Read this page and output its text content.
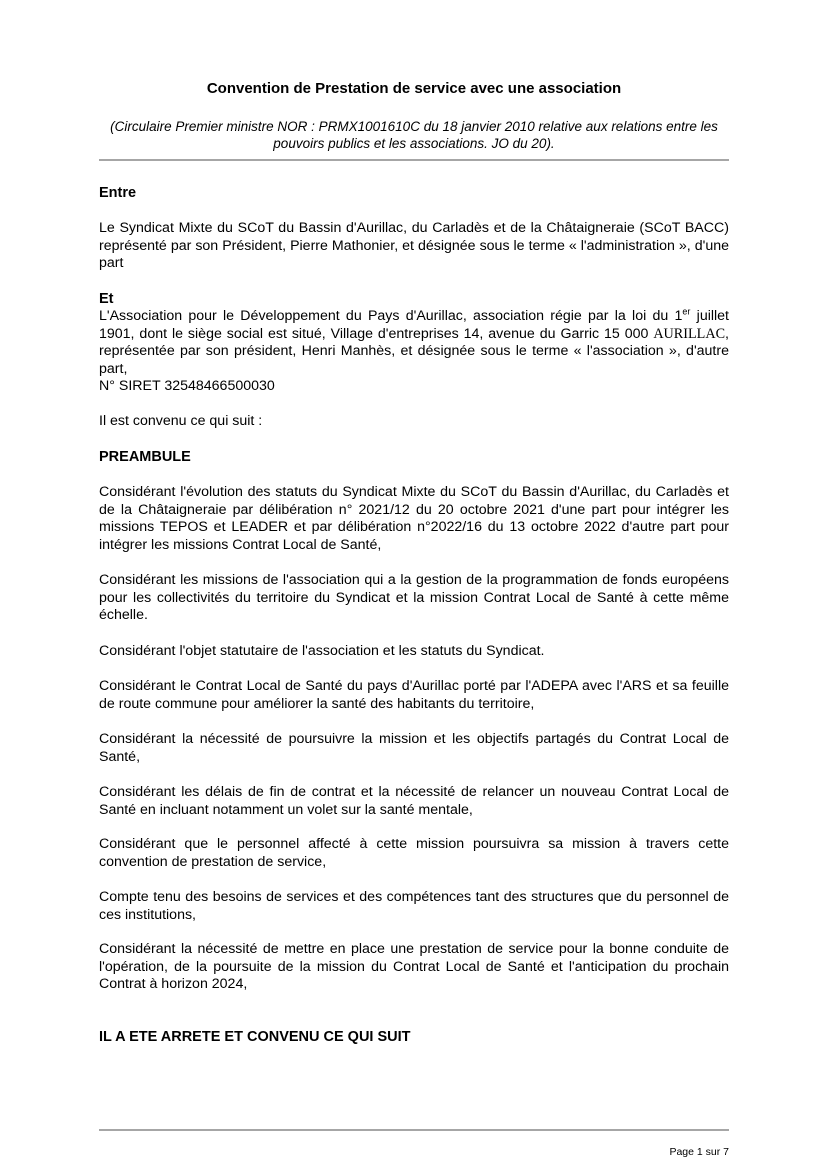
Convention de Prestation de service avec une association
(Circulaire Premier ministre NOR : PRMX1001610C du 18 janvier 2010 relative aux relations entre les
pouvoirs publics et les associations. JO du 20).
Entre
Le Syndicat Mixte du SCoT du Bassin d'Aurillac, du Carladès et de la Châtaigneraie (SCoT BACC) représenté par son Président, Pierre Mathonier, et désignée sous le terme « l'administration », d'une part
Et
L'Association pour le Développement du Pays d'Aurillac, association régie par la loi du 1er juillet 1901, dont le siège social est situé, Village d'entreprises 14, avenue du Garric 15 000 AURILLAC, représentée par son président, Henri Manhès, et désignée sous le terme « l'association », d'autre part,
N° SIRET 32548466500030
Il est convenu ce qui suit :
PREAMBULE
Considérant l'évolution des statuts du Syndicat Mixte du SCoT du Bassin d'Aurillac, du Carladès et de la Châtaigneraie par délibération n° 2021/12 du 20 octobre 2021 d'une part pour intégrer les missions TEPOS et LEADER et par délibération n°2022/16 du 13 octobre 2022 d'autre part pour intégrer les missions Contrat Local de Santé,
Considérant les missions de l'association qui a la gestion de la programmation de fonds européens pour les collectivités du territoire du Syndicat et la mission Contrat Local de Santé à cette même échelle.
Considérant l'objet statutaire de l'association et les statuts du Syndicat.
Considérant le Contrat Local de Santé du pays d'Aurillac porté par l'ADEPA avec l'ARS et sa feuille de route commune pour améliorer la santé des habitants du territoire,
Considérant la nécessité de poursuivre la mission et les objectifs partagés du Contrat Local de Santé,
Considérant les délais de fin de contrat et la nécessité de relancer un nouveau Contrat Local de Santé en incluant notamment un volet sur la santé mentale,
Considérant que le personnel affecté à cette mission poursuivra sa mission à travers cette convention de prestation de service,
Compte tenu des besoins de services et des compétences tant des structures que du personnel de ces institutions,
Considérant la nécessité de mettre en place une prestation de service pour la bonne conduite de l'opération, de la poursuite de la mission du Contrat Local de Santé et l'anticipation du prochain Contrat à horizon 2024,
IL A ETE ARRETE ET CONVENU CE QUI SUIT
Page 1 sur 7
